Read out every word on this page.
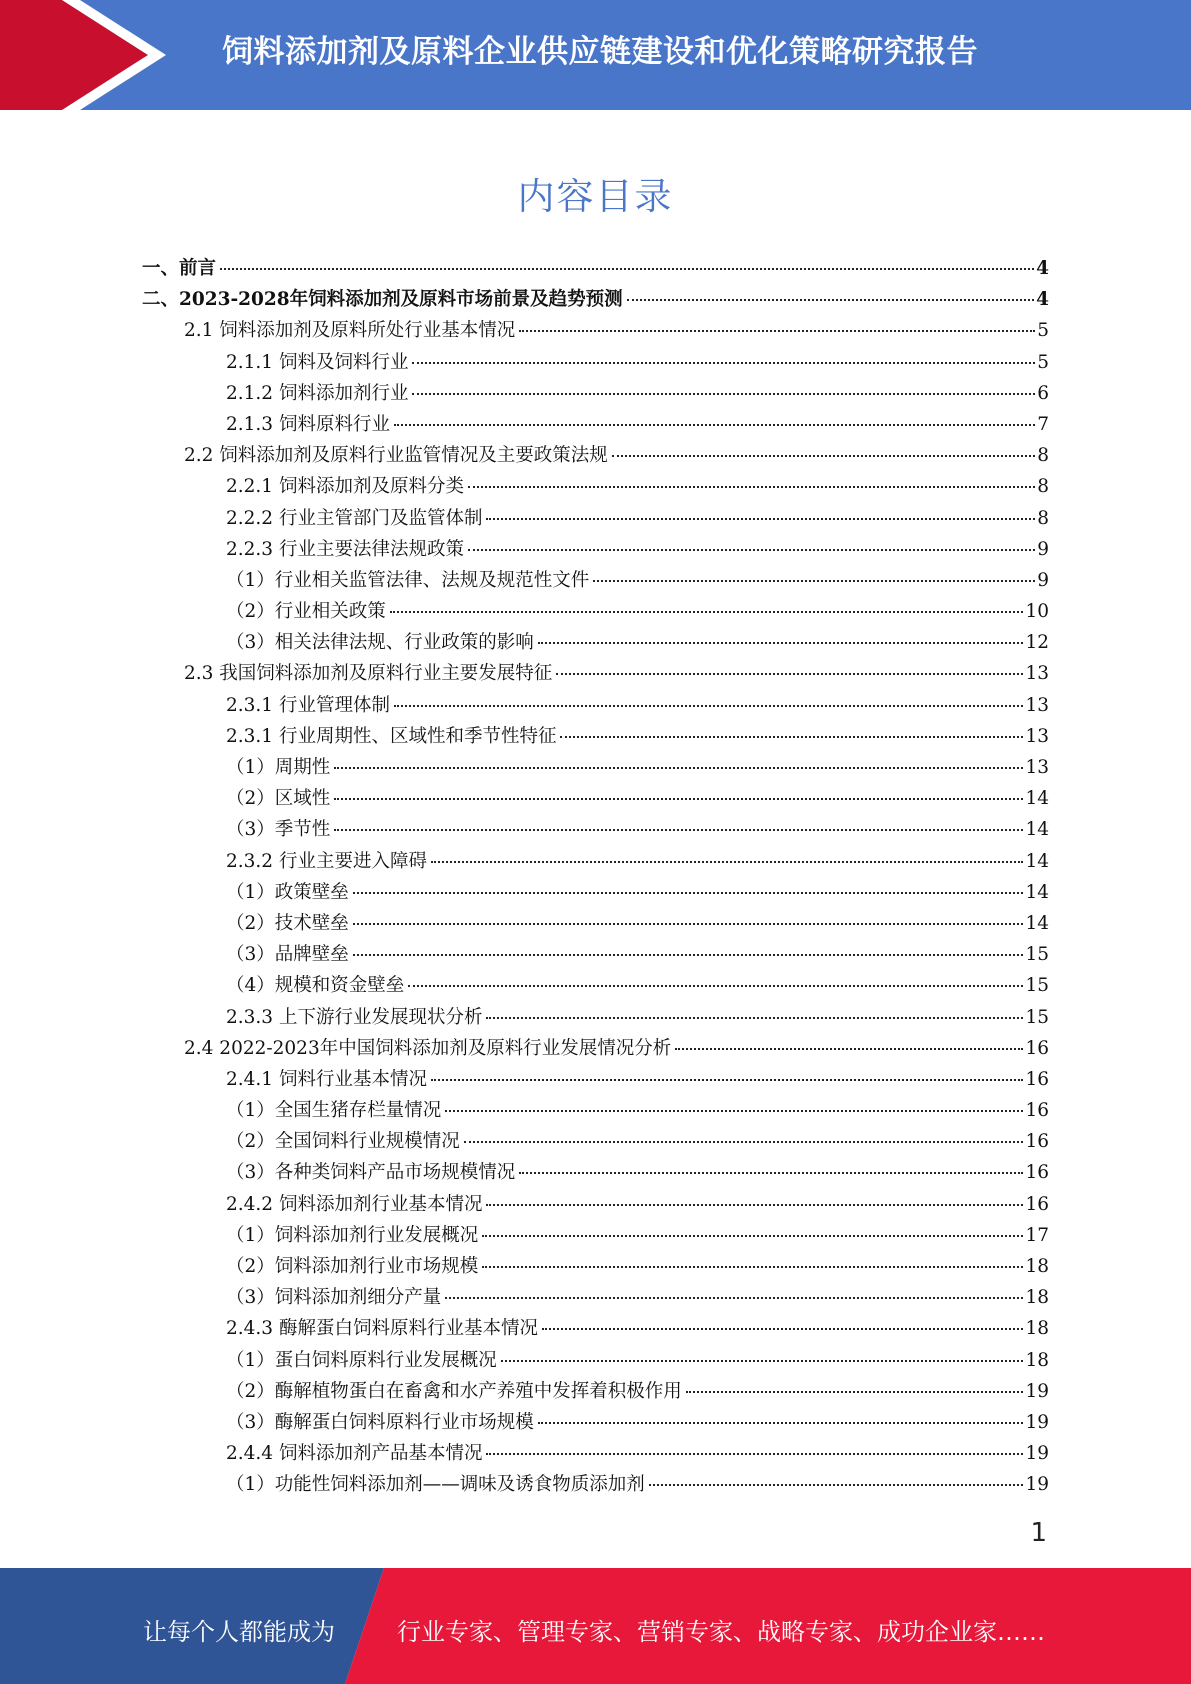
饲料添加剂及原料企业供应链建设和优化策略研究报告
内容目录
一、前言	4
二、2023-2028年饲料添加剂及原料市场前景及趋势预测	4
2.1 饲料添加剂及原料所处行业基本情况	5
2.1.1 饲料及饲料行业	5
2.1.2 饲料添加剂行业	6
2.1.3 饲料原料行业	7
2.2 饲料添加剂及原料行业监管情况及主要政策法规	8
2.2.1 饲料添加剂及原料分类	8
2.2.2 行业主管部门及监管体制	8
2.2.3 行业主要法律法规政策	9
（1）行业相关监管法律、法规及规范性文件	9
（2）行业相关政策	10
（3）相关法律法规、行业政策的影响	12
2.3 我国饲料添加剂及原料行业主要发展特征	13
2.3.1 行业管理体制	13
2.3.1 行业周期性、区域性和季节性特征	13
（1）周期性	13
（2）区域性	14
（3）季节性	14
2.3.2 行业主要进入障碍	14
（1）政策壁垒	14
（2）技术壁垒	14
（3）品牌壁垒	15
（4）规模和资金壁垒	15
2.3.3 上下游行业发展现状分析	15
2.4 2022-2023年中国饲料添加剂及原料行业发展情况分析	16
2.4.1 饲料行业基本情况	16
（1）全国生猪存栏量情况	16
（2）全国饲料行业规模情况	16
（3）各种类饲料产品市场规模情况	16
2.4.2 饲料添加剂行业基本情况	16
（1）饲料添加剂行业发展概况	17
（2）饲料添加剂行业市场规模	18
（3）饲料添加剂细分产量	18
2.4.3 酶解蛋白饲料原料行业基本情况	18
（1）蛋白饲料原料行业发展概况	18
（2）酶解植物蛋白在畜禽和水产养殖中发挥着积极作用	19
（3）酶解蛋白饲料原料行业市场规模	19
2.4.4 饲料添加剂产品基本情况	19
（1）功能性饲料添加剂——调味及诱食物质添加剂	19
1
让每个人都能成为	行业专家、管理专家、营销专家、战略专家、成功企业家……
